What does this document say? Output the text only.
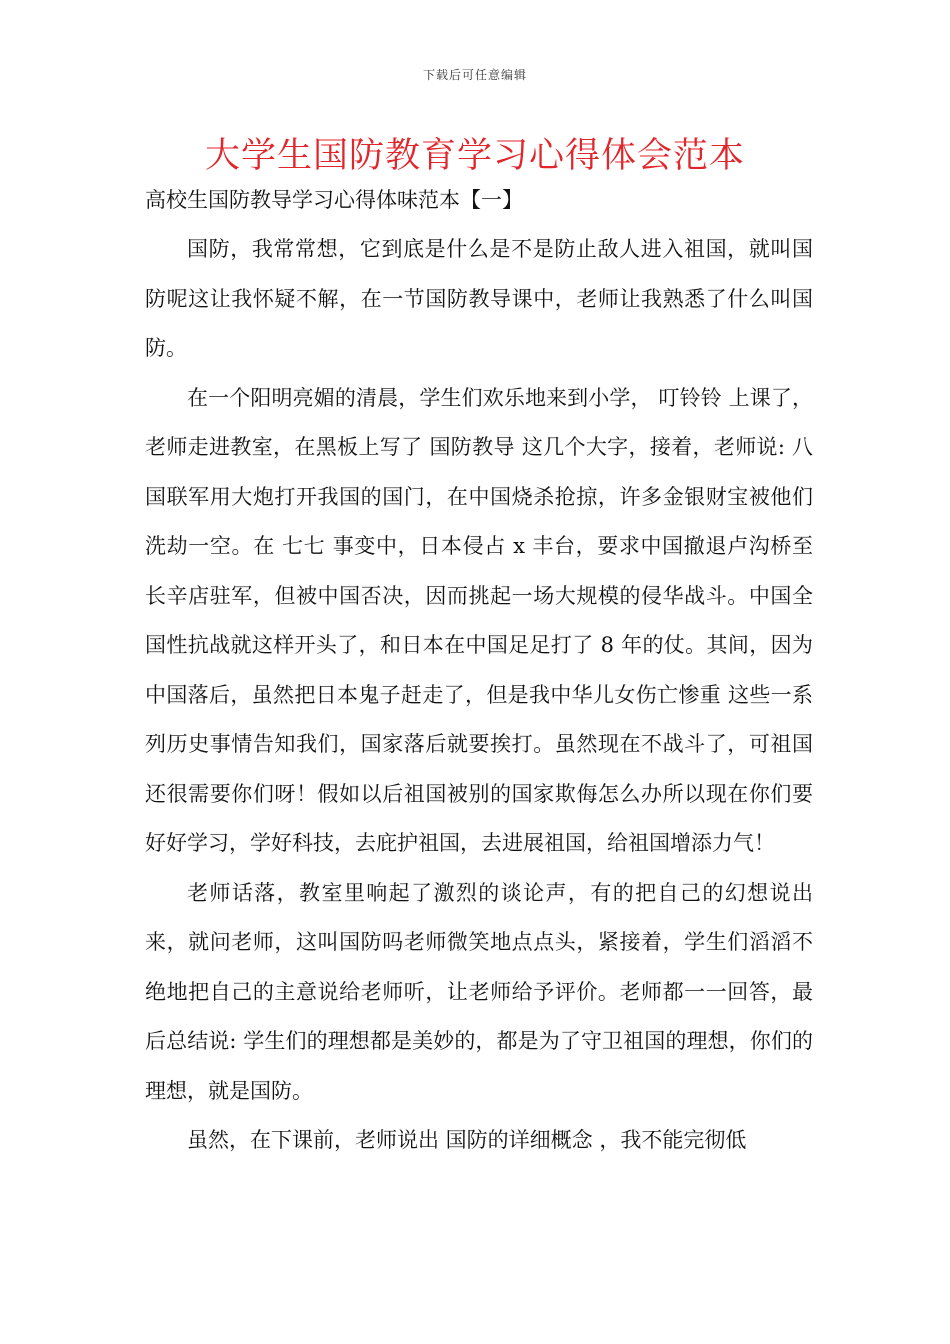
下载后可任意编辑
大学生国防教育学习心得体会范本
高校生国防教导学习心得体味范本【一】

国防，我常常想，它到底是什么是不是防止敌人进入祖国，就叫国防呢这让我怀疑不解，在一节国防教导课中，老师让我熟悉了什么叫国防。

在一个阳明亮媚的清晨，学生们欢乐地来到小学， 叮铃铃 上课了，老师走进教室，在黑板上写了 国防教导 这几个大字，接着，老师说: 八国联军用大炮打开我国的国门，在中国烧杀抢掠，许多金银财宝被他们洗劫一空。在 七七 事变中，日本侵占 x 丰台，要求中国撤退卢沟桥至长辛店驻军，但被中国否决，因而挑起一场大规模的侵华战斗。中国全国性抗战就这样开头了，和日本在中国足足打了 8 年的仗。其间，因为中国落后，虽然把日本鬼子赶走了，但是我中华儿女伤亡惨重 这些一系列历史事情告知我们，国家落后就要挨打。虽然现在不战斗了，可祖国还很需要你们呀！假如以后祖国被别的国家欺侮怎么办所以现在你们要好好学习，学好科技，去庇护祖国，去进展祖国，给祖国增添力气！

老师话落，教室里响起了激烈的谈论声，有的把自己的幻想说出来，就问老师，这叫国防吗老师微笑地点点头，紧接着，学生们滔滔不绝地把自己的主意说给老师听，让老师给予评价。老师都一一回答，最后总结说: 学生们的理想都是美妙的，都是为了守卫祖国的理想，你们的理想，就是国防。

虽然，在下课前，老师说出 国防的详细概念 ，我不能完彻低
